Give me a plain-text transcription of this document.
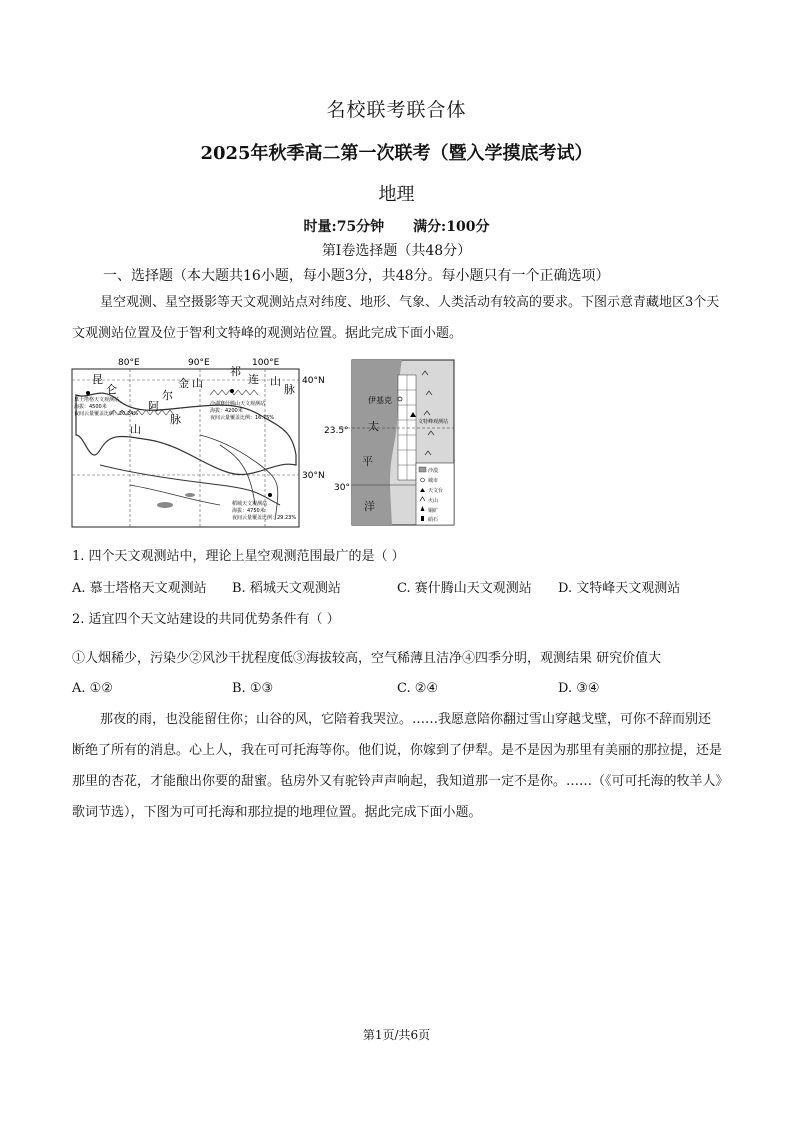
名校联考联合体
2025年秋季高二第一次联考（暨入学摸底考试）
地理
时量:75分钟 满分:100分
第Ⅰ卷选择题（共48分）
一、选择题（本大题共16小题，每小题3分，共48分。每小题只有一个正确选项）
星空观测、星空摄影等天文观测站点对纬度、地形、气象、人类活动有较高的要求。下图示意青藏地区3个天文观测站位置及位于智利文特峰的观测站位置。据此完成下面小题。
80°E	90°E	100°E
40°N
30°N
昆
仑
山
阿
尔
金 山
脉
祁
连 山
脉
慕士塔格天文观测站
海拔：4500米
夜间云量覆盖比例：20.24%
冷湖赛什腾山天文观测站
海拔：4200米
夜间云量覆盖比例：16.75%
稻城天文观测站
海拔：4750米
夜间云量覆盖比例：29.23%
23.5°
30°
太
平
洋
伊基克
文特峰观测站
沙漠
城市
天文台
火山
铜矿
硝石
1. 四个天文观测站中，理论上星空观测范围最广的是（ ）
A. 慕士塔格天文观测站 B. 稻城天文观测站	C. 赛什腾山天文观测站 D. 文特峰天文观测站
2. 适宜四个天文站建设的共同优势条件有（ ）
①人烟稀少，污染少②风沙干扰程度低③海拔较高，空气稀薄且洁净④四季分明，观测结果 研究价值大
A. ①②	B. ①③	C. ②④	D. ③④
那夜的雨，也没能留住你；山谷的风，它陪着我哭泣。……我愿意陪你翻过雪山穿越戈壁，可你不辞而别还断绝了所有的消息。心上人，我在可可托海等你。他们说，你嫁到了伊犁。是不是因为那里有美丽的那拉提，还是那里的杏花，才能酿出你要的甜蜜。毡房外又有驼铃声声响起，我知道那一定不是你。……（《可可托海的牧羊人》歌词节选），下图为可可托海和那拉提的地理位置。据此完成下面小题。
第1页/共6页
